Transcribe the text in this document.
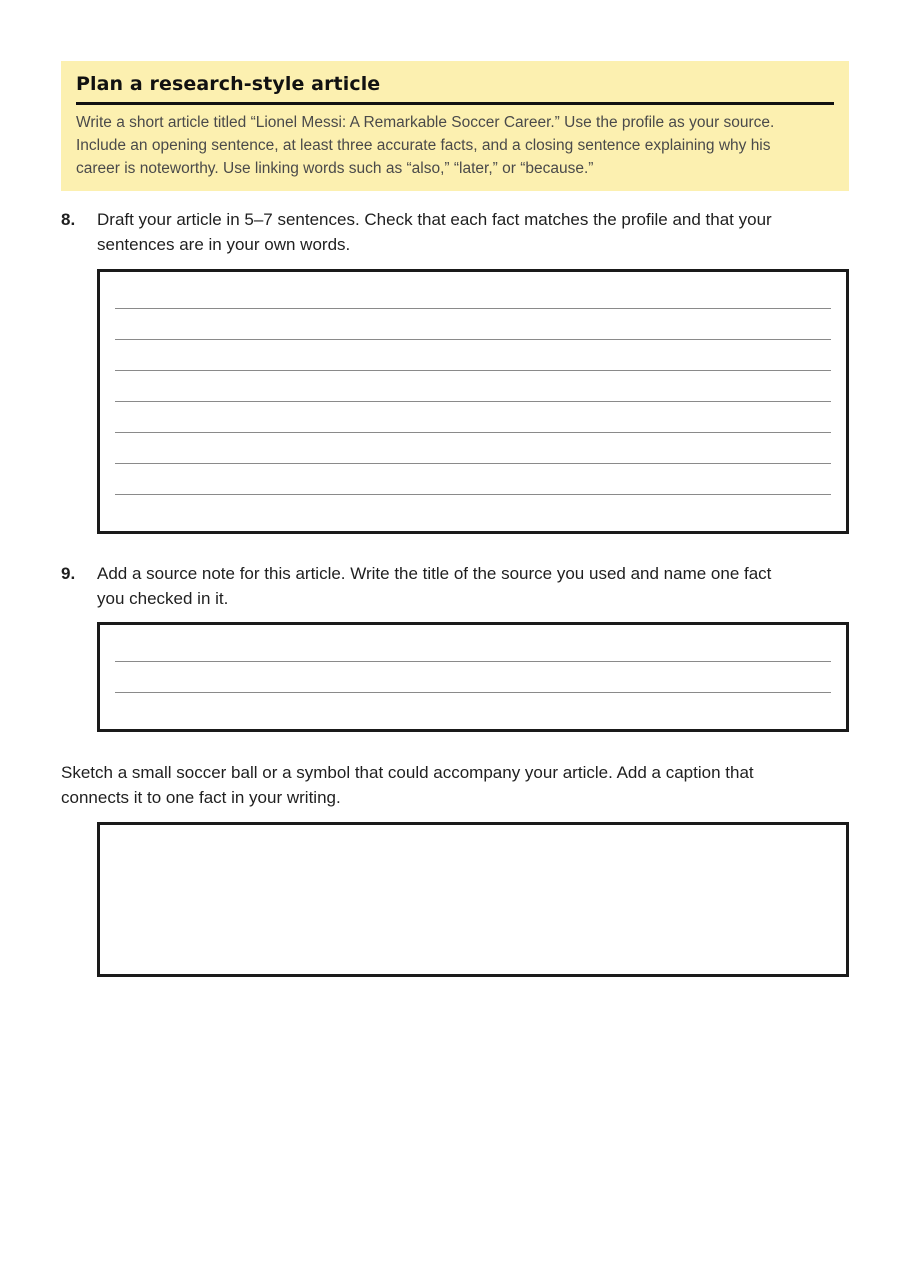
Plan a research-style article
Write a short article titled “Lionel Messi: A Remarkable Soccer Career.” Use the profile as your source.
Include an opening sentence, at least three accurate facts, and a closing sentence explaining why his
career is noteworthy. Use linking words such as “also,” “later,” or “because.”
8. Draft your article in 5–7 sentences. Check that each fact matches the profile and that your
sentences are in your own words.
9. Add a source note for this article. Write the title of the source you used and name one fact
you checked in it.
Sketch a small soccer ball or a symbol that could accompany your article. Add a caption that
connects it to one fact in your writing.
